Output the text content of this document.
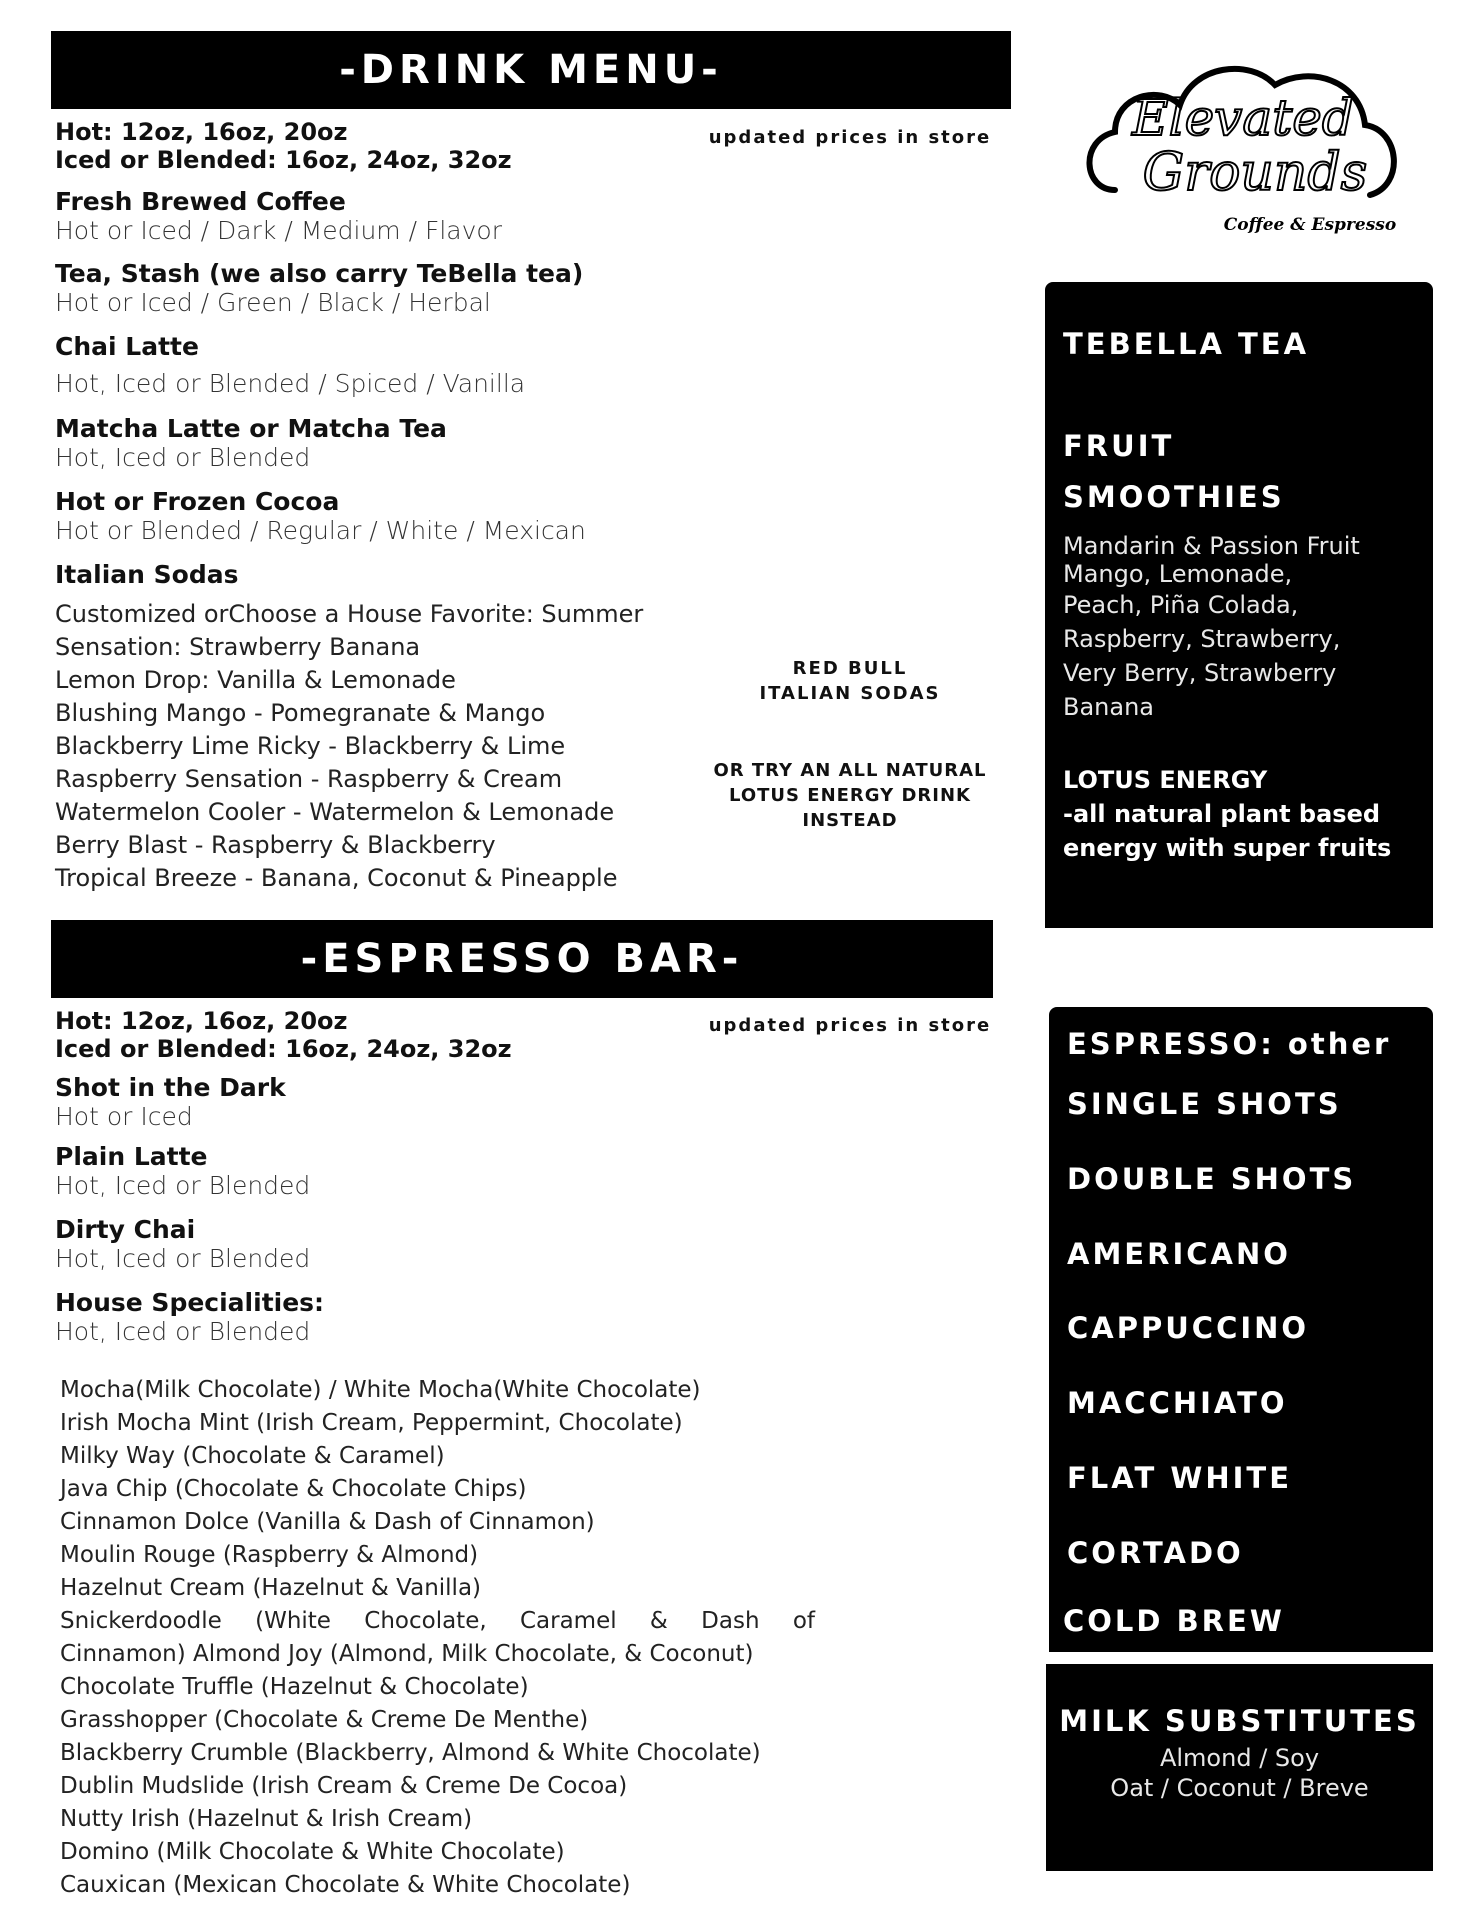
-DRINK MENU-
Hot: 12oz, 16oz, 20oz
Iced or Blended: 16oz, 24oz, 32oz
updated prices in store
Fresh Brewed Coffee
Hot or Iced / Dark / Medium / Flavor
Tea, Stash (we also carry TeBella tea)
Hot or Iced / Green / Black / Herbal
Chai Latte
Hot, Iced or Blended / Spiced / Vanilla
Matcha Latte or Matcha Tea
Hot, Iced or Blended
Hot or Frozen Cocoa
Hot or Blended / Regular / White / Mexican
Italian Sodas
Customized orChoose a House Favorite: Summer
Sensation: Strawberry Banana
Lemon Drop: Vanilla & Lemonade
Blushing Mango - Pomegranate & Mango
Blackberry Lime Ricky - Blackberry & Lime
Raspberry Sensation - Raspberry & Cream
Watermelon Cooler - Watermelon & Lemonade
Berry Blast - Raspberry & Blackberry
Tropical Breeze - Banana, Coconut & Pineapple
RED BULL
ITALIAN SODAS
OR TRY AN ALL NATURAL
LOTUS ENERGY DRINK
INSTEAD
-ESPRESSO BAR-
Hot: 12oz, 16oz, 20oz
Iced or Blended: 16oz, 24oz, 32oz
updated prices in store
Shot in the Dark
Hot or Iced
Plain Latte
Hot, Iced or Blended
Dirty Chai
Hot, Iced or Blended
House Specialities:
Hot, Iced or Blended
Mocha(Milk Chocolate) / White Mocha(White Chocolate)
Irish Mocha Mint (Irish Cream, Peppermint, Chocolate)
Milky Way (Chocolate & Caramel)
Java Chip (Chocolate & Chocolate Chips)
Cinnamon Dolce (Vanilla & Dash of Cinnamon)
Moulin Rouge (Raspberry & Almond)
Hazelnut Cream (Hazelnut & Vanilla)
Snickerdoodle (White Chocolate, Caramel & Dash of
Cinnamon) Almond Joy (Almond, Milk Chocolate, & Coconut)
Chocolate Truffle (Hazelnut & Chocolate)
Grasshopper (Chocolate & Creme De Menthe)
Blackberry Crumble (Blackberry, Almond & White Chocolate)
Dublin Mudslide (Irish Cream & Creme De Cocoa)
Nutty Irish (Hazelnut & Irish Cream)
Domino (Milk Chocolate & White Chocolate)
Cauxican (Mexican Chocolate & White Chocolate)
Elevated
Grounds
Coffee & Espresso
TEBELLA TEA
FRUIT
SMOOTHIES
Mandarin & Passion Fruit
Mango, Lemonade,
Peach, Piña Colada,
Raspberry, Strawberry,
Very Berry, Strawberry
Banana
LOTUS ENERGY
-all natural plant based
energy with super fruits
ESPRESSO: other
SINGLE SHOTS
DOUBLE SHOTS
AMERICANO
CAPPUCCINO
MACCHIATO
FLAT WHITE
CORTADO
COLD BREW
MILK SUBSTITUTES
Almond / Soy
Oat / Coconut / Breve
